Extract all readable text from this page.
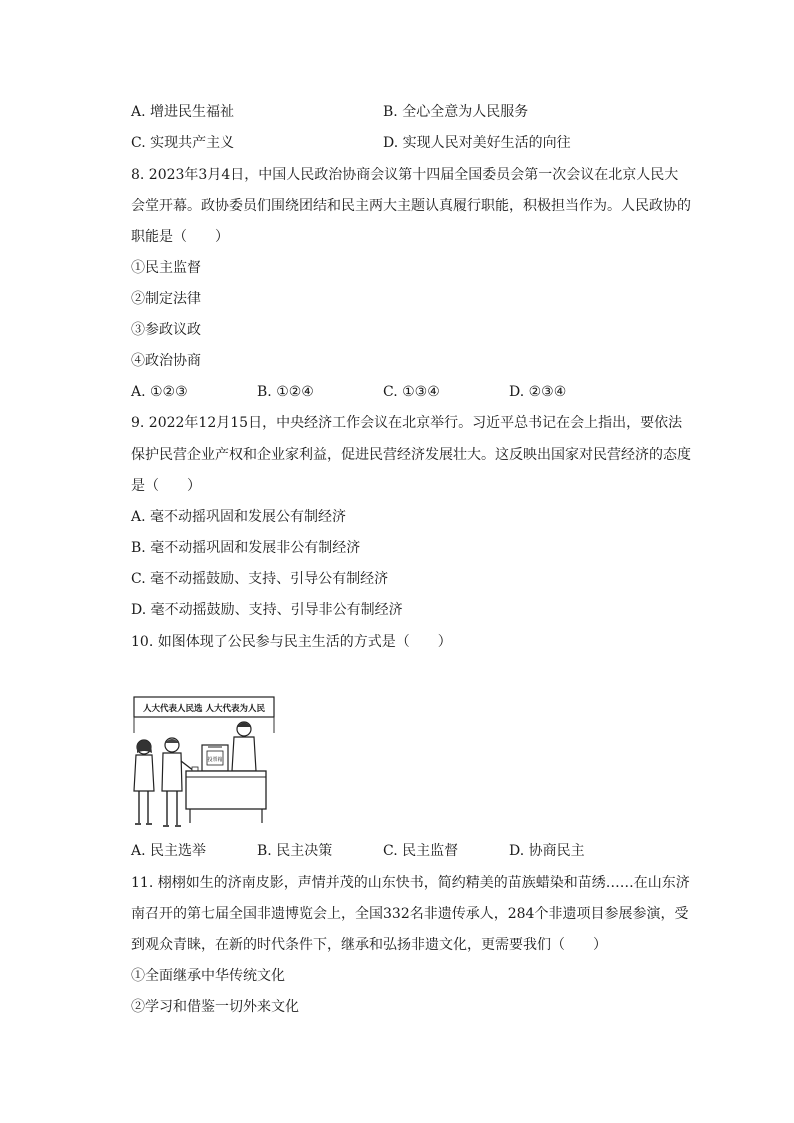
A. 增进民生福祉	B. 全心全意为人民服务
C. 实现共产主义	D. 实现人民对美好生活的向往
8. 2023年3月4日，中国人民政治协商会议第十四届全国委员会第一次会议在北京人民大
会堂开幕。政协委员们围绕团结和民主两大主题认真履行职能，积极担当作为。人民政协的
职能是（　　）
①民主监督
②制定法律
③参政议政
④政治协商
A. ①②③	B. ①②④	C. ①③④	D. ②③④
9. 2022年12月15日，中央经济工作会议在北京举行。习近平总书记在会上指出，要依法
保护民营企业产权和企业家利益，促进民营经济发展壮大。这反映出国家对民营经济的态度
是（　　）
A. 毫不动摇巩固和发展公有制经济
B. 毫不动摇巩固和发展非公有制经济
C. 毫不动摇鼓励、支持、引导公有制经济
D. 毫不动摇鼓励、支持、引导非公有制经济
10. 如图体现了公民参与民主生活的方式是（　　）
人大代表人民选 人大代表为人民
投票箱
A. 民主选举	B. 民主决策	C. 民主监督	D. 协商民主
11. 栩栩如生的济南皮影，声情并茂的山东快书，简约精美的苗族蜡染和苗绣……在山东济
南召开的第七届全国非遗博览会上，全国332名非遗传承人，284个非遗项目参展参演，受
到观众青睐，在新的时代条件下，继承和弘扬非遗文化，更需要我们（　　）
①全面继承中华传统文化
②学习和借鉴一切外来文化
